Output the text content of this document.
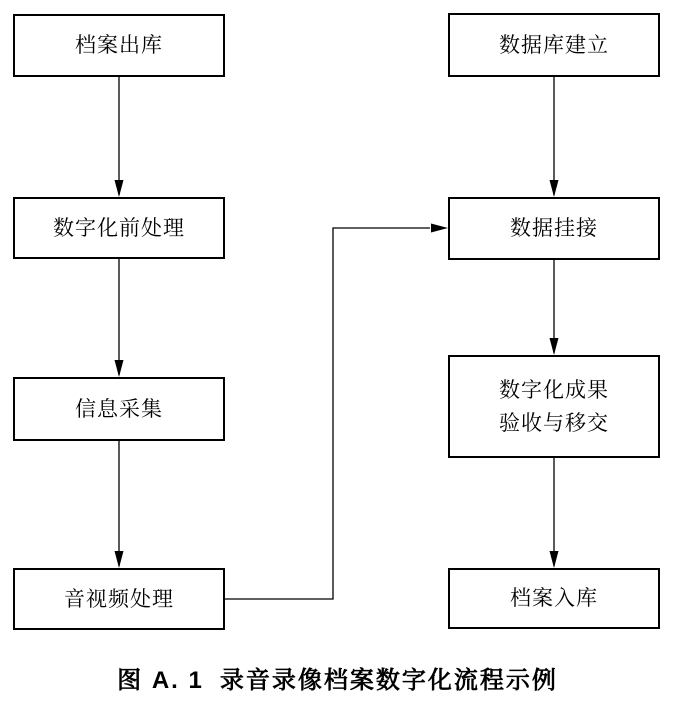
档案出库
数字化前处理
信息采集
音视频处理
数据库建立
数据挂接
数字化成果
验收与移交
档案入库
图 A. 1 录音录像档案数字化流程示例
